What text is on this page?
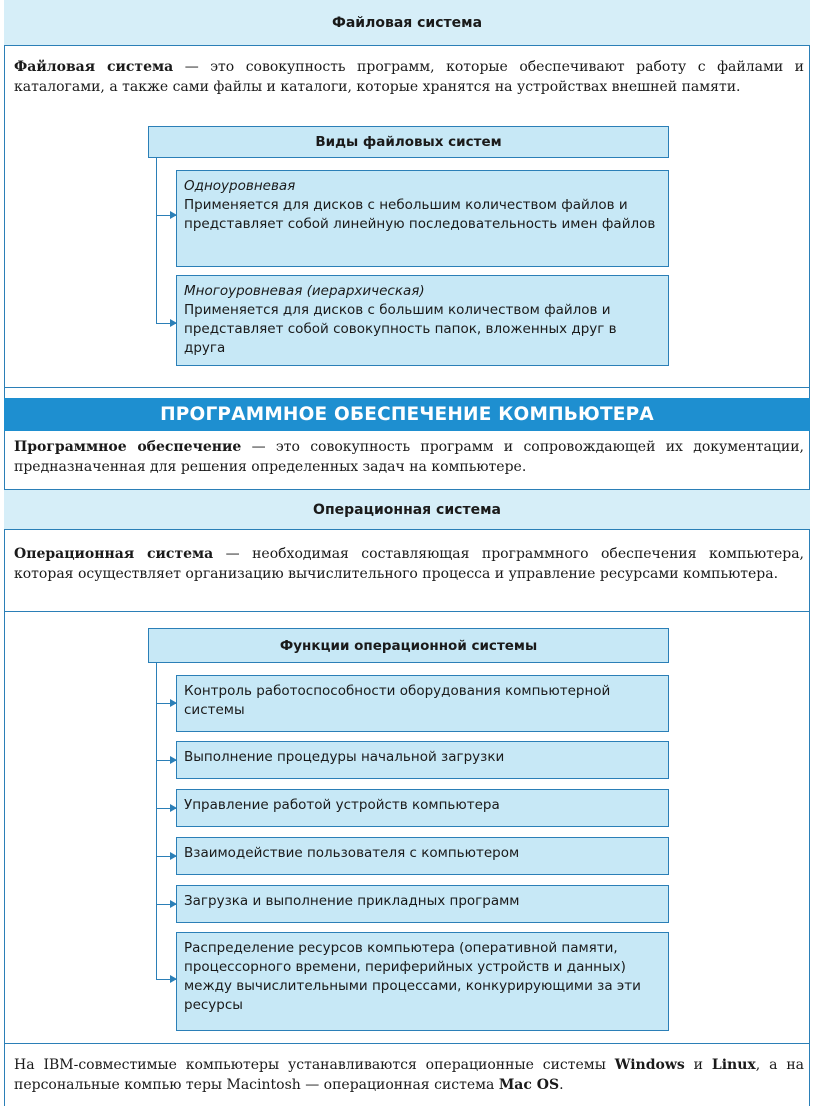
Файловая система
Файловая система — это совокупность программ, которые обеспечивают работу с файлами и каталогами, а также сами файлы и каталоги, которые хранятся на устройствах внешней памяти.
Виды файловых систем
Одноуровневая
Применяется для дисков с небольшим количеством файлов и представляет собой линейную последовательность имен файлов
Многоуровневая (иерархическая)
Применяется для дисков с большим количеством файлов и представляет собой совокупность папок, вложенных друг в друга
ПРОГРАММНОЕ ОБЕСПЕЧЕНИЕ КОМПЬЮТЕРА
Программное обеспечение — это совокупность программ и сопровождающей их документации, предназначенная для решения определенных задач на компьютере.
Операционная система
Операционная система — необходимая составляющая программного обеспечения компьютера, которая осуществляет организацию вычислительного процесса и управление ресурсами компьютера.
Функции операционной системы
Контроль работоспособности оборудования компьютерной системы
Выполнение процедуры начальной загрузки
Управление работой устройств компьютера
Взаимодействие пользователя с компьютером
Загрузка и выполнение прикладных программ
Распределение ресурсов компьютера (оперативной памяти, процессорного времени, периферийных устройств и данных) между вычислительными процессами, конкурирующими за эти ресурсы
На IBM-совместимые компьютеры устанавливаются операционные системы Windows и Linux, а на персональные компью теры Macintosh — операционная система Mac OS.
